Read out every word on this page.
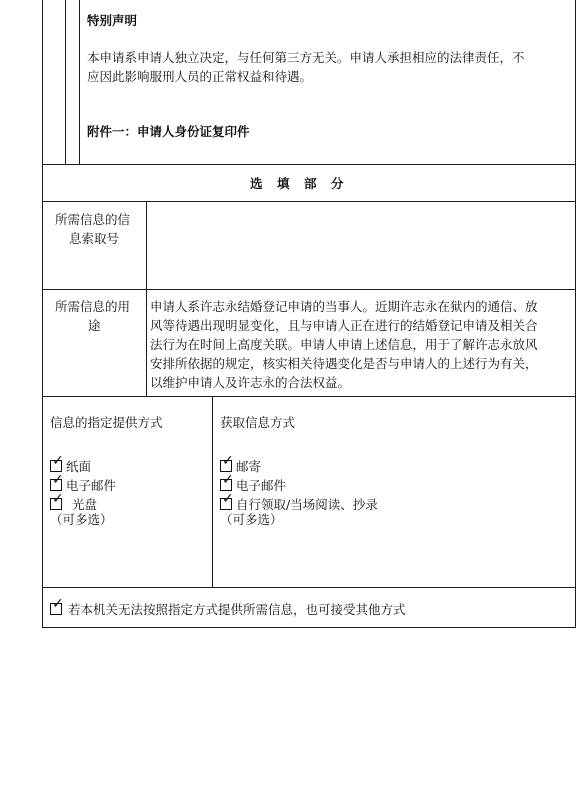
特别声明
本申请系申请人独立决定，与任何第三方无关。申请人承担相应的法律责任，不
应因此影响服刑人员的正常权益和待遇。
附件一：申请人身份证复印件
选　填　部　分
所需信息的信
息索取号
所需信息的用
途
申请人系许志永结婚登记申请的当事人。近期许志永在狱内的通信、放
风等待遇出现明显变化，且与申请人正在进行的结婚登记申请及相关合
法行为在时间上高度关联。申请人申请上述信息，用于了解许志永放风
安排所依据的规定，核实相关待遇变化是否与申请人的上述行为有关，
以维护申请人及许志永的合法权益。
信息的指定提供方式
✓ 纸面
✓ 电子邮件
✓ 光盘
（可多选）
获取信息方式
✓ 邮寄
✓ 电子邮件
✓ 自行领取/当场阅读、抄录
（可多选）
✓ 若本机关无法按照指定方式提供所需信息，也可接受其他方式
